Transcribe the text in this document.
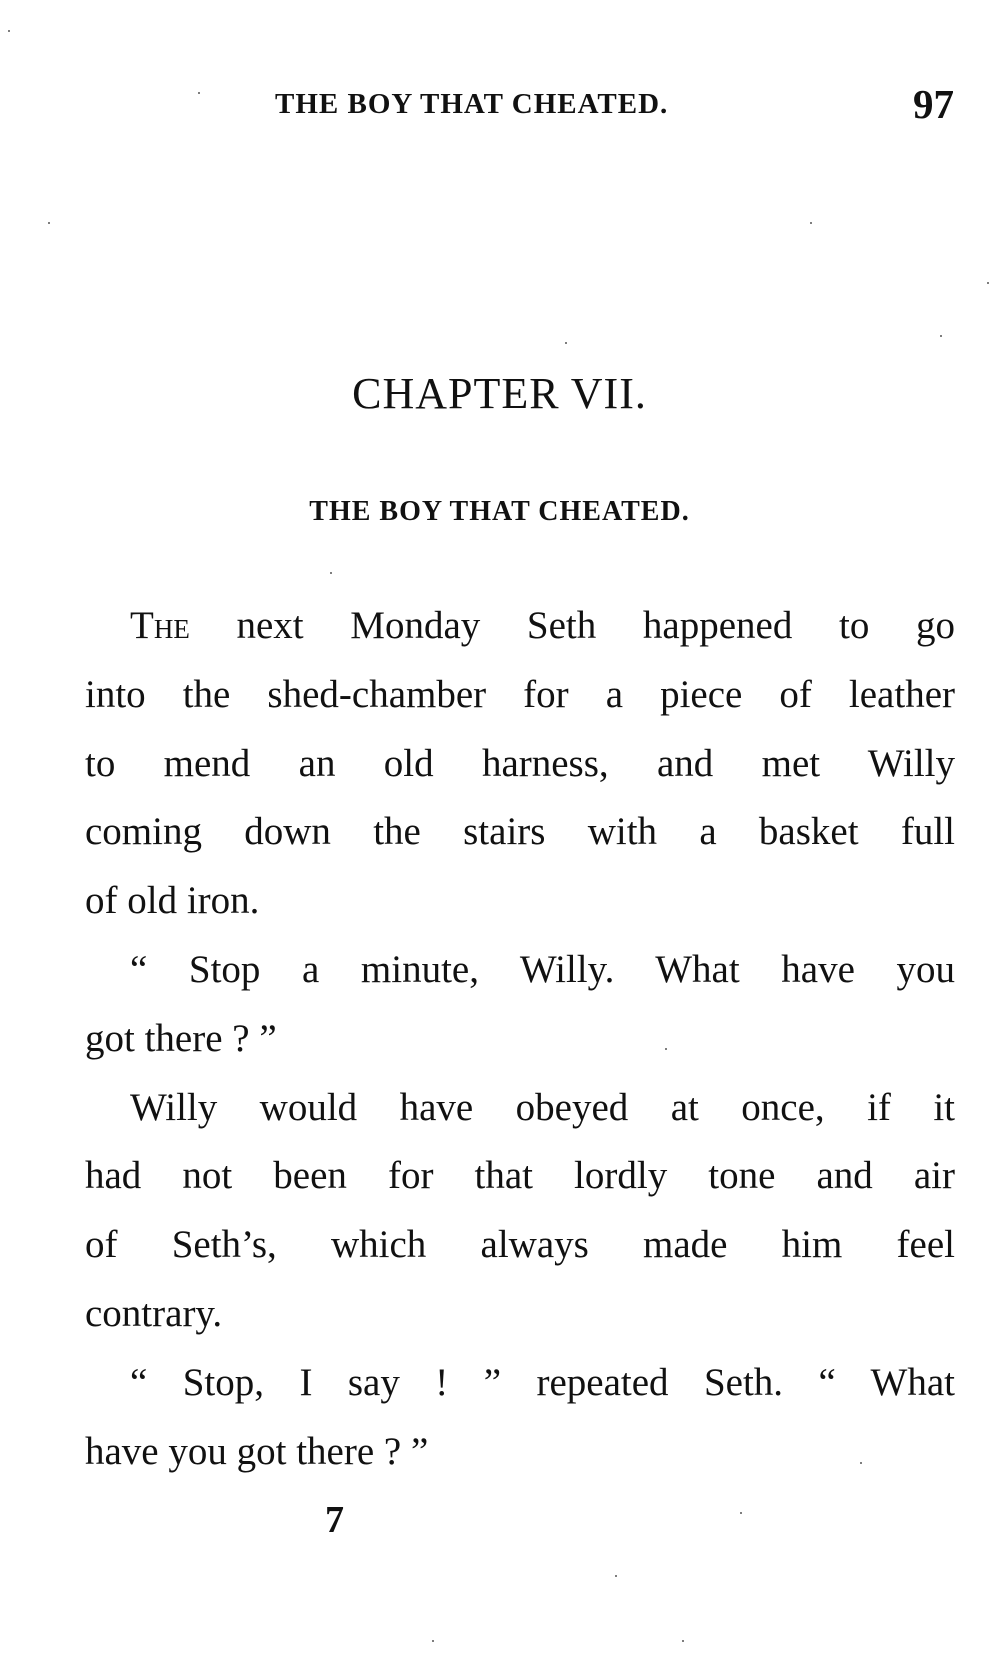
THE BOY THAT CHEATED.	97
CHAPTER VII.
THE BOY THAT CHEATED.
The next Monday Seth happened to go
into the shed-chamber for a piece of leather
to mend an old harness, and met Willy
coming down the stairs with a basket full
of old iron.
“ Stop a minute, Willy. What have you
got there ? ”
Willy would have obeyed at once, if it
had not been for that lordly tone and air
of Seth’s, which always made him feel
contrary.
“ Stop, I say ! ” repeated Seth. “ What
have you got there ? ”
7
